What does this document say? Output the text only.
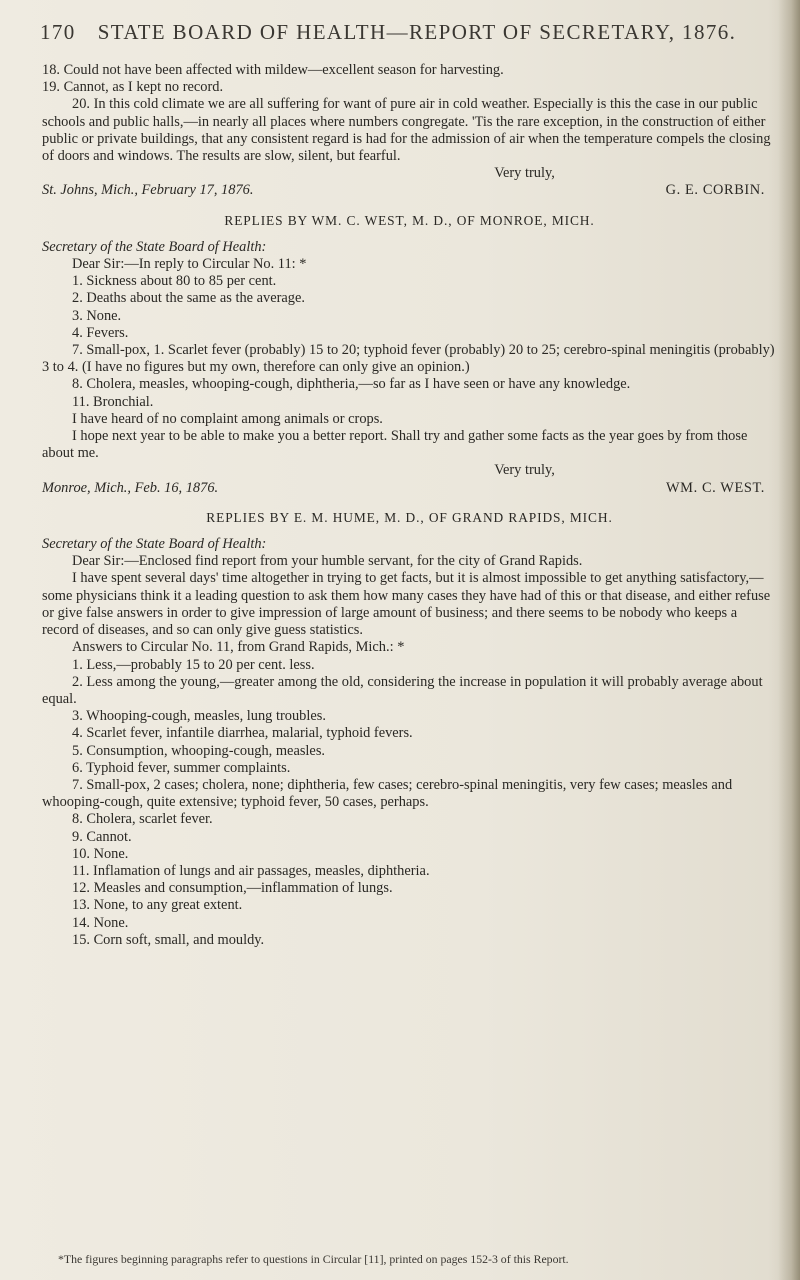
170 STATE BOARD OF HEALTH—REPORT OF SECRETARY, 1876.

18. Could not have been affected with mildew—excellent season for harvesting.

19. Cannot, as I kept no record.

20. In this cold climate we are all suffering for want of pure air in cold weather. Especially is this the case in our public schools and public halls,—in nearly all places where numbers congregate. 'Tis the rare exception, in the construction of either public or private buildings, that any consistent regard is had for the admission of air when the temperature compels the closing of doors and windows. The results are slow, silent, but fearful.

Very truly,

St. Johns, Mich., February 17, 1876.	G. E. CORBIN.

REPLIES BY WM. C. WEST, M. D., OF MONROE, MICH.

Secretary of the State Board of Health:

Dear Sir:—In reply to Circular No. 11: *

1. Sickness about 80 to 85 per cent.

2. Deaths about the same as the average.

3. None.

4. Fevers.

7. Small-pox, 1. Scarlet fever (probably) 15 to 20; typhoid fever (probably) 20 to 25; cerebro-spinal meningitis (probably) 3 to 4. (I have no figures but my own, therefore can only give an opinion.)

8. Cholera, measles, whooping-cough, diphtheria,—so far as I have seen or have any knowledge.

11. Bronchial.

I have heard of no complaint among animals or crops.

I hope next year to be able to make you a better report. Shall try and gather some facts as the year goes by from those about me.

Very truly,

Monroe, Mich., Feb. 16, 1876.	WM. C. WEST.

REPLIES BY E. M. HUME, M. D., OF GRAND RAPIDS, MICH.

Secretary of the State Board of Health:

Dear Sir:—Enclosed find report from your humble servant, for the city of Grand Rapids.

I have spent several days' time altogether in trying to get facts, but it is almost impossible to get anything satisfactory,—some physicians think it a leading question to ask them how many cases they have had of this or that disease, and either refuse or give false answers in order to give impression of large amount of business; and there seems to be nobody who keeps a record of diseases, and so can only give guess statistics.

Answers to Circular No. 11, from Grand Rapids, Mich.: *

1. Less,—probably 15 to 20 per cent. less.

2. Less among the young,—greater among the old, considering the increase in population it will probably average about equal.

3. Whooping-cough, measles, lung troubles.

4. Scarlet fever, infantile diarrhea, malarial, typhoid fevers.

5. Consumption, whooping-cough, measles.

6. Typhoid fever, summer complaints.

7. Small-pox, 2 cases; cholera, none; diphtheria, few cases; cerebro-spinal meningitis, very few cases; measles and whooping-cough, quite extensive; typhoid fever, 50 cases, perhaps.

8. Cholera, scarlet fever.

9. Cannot.

10. None.

11. Inflamation of lungs and air passages, measles, diphtheria.

12. Measles and consumption,—inflammation of lungs.

13. None, to any great extent.

14. None.

15. Corn soft, small, and mouldy.

*The figures beginning paragraphs refer to questions in Circular [11], printed on pages 152-3 of this Report.
